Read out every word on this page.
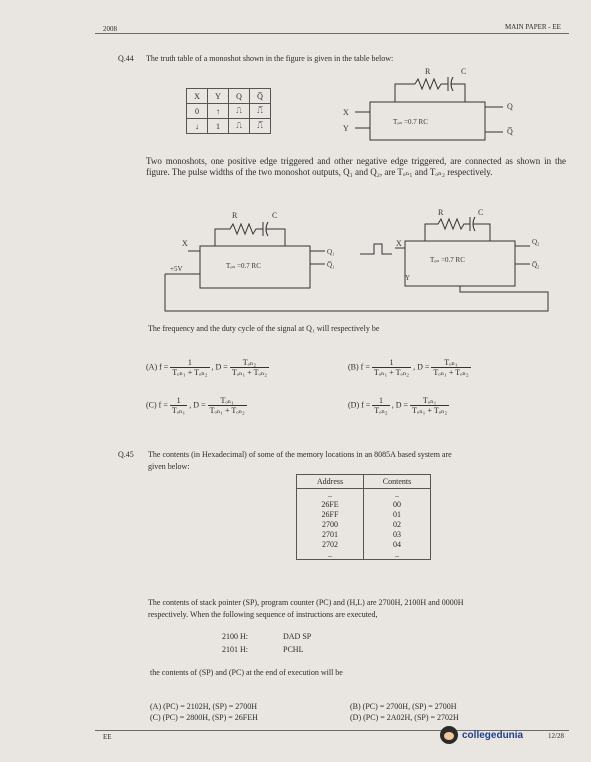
2008	MAIN PAPER - EE
Q.44 The truth table of a monoshot shown in the figure is given in the table below:
X	Y	Q	Q̅
0	↑	⎍	⎍̅
↓	1	⎍	⎍̅
R	C
X
Y
Q
Q̅
Tₒₙ =0.7 RC
Two monoshots, one positive edge triggered and other negative edge triggered, are connected as shown in the figure. The pulse widths of the two monoshot outputs, Q₁ and Q₂, are Tₒₙ₁ and Tₒₙ₂ respectively.
X
+5V
R	C
Tₒₙ =0.7 RC
Q₁
Q̅₁
X
R	C
Tₒₙ =0.7 RC
Q₂
Q̅₂
Y
The frequency and the duty cycle of the signal at Q₁ will respectively be
(A) $f = \frac{1}{\text{Tₒₙ₁ + Tₒₙ₂}}$ , $D = \frac{\text{Tₒₙ₂}}{\text{Tₒₙ₁ + Tₒₙ₂}}$	(B) $f = \frac{1}{\text{Tₒₙ₁ + Tₒₙ₂}}$ , $D = \frac{\text{Tₒₙ₁}}{\text{Tₒₙ₁ + Tₒₙ₂}}$
(C) $f = \frac{1}{\text{Tₒₙ₁}}$ , $D = \frac{\text{Tₒₙ₁}}{\text{Tₒₙ₁ + Tₒₙ₂}}$	(D) $f = \frac{1}{\text{Tₒₙ₂}}$ , $D = \frac{\text{Tₒₙ₁}}{\text{Tₒₙ₁ + Tₒₙ₂}}$
Q.45 The contents (in Hexadecimal) of some of the memory locations in an 8085A based system are
given below:
Address	Contents
..	..
26FE	00
26FF	01
2700	02
2701	03
2702	04
..	..
The contents of stack pointer (SP), program counter (PC) and (H,L) are 2700H, 2100H and 0000H
respectively. When the following sequence of instructions are executed,
2100 H:	DAD SP
2101 H:	PCHL
the contents of (SP) and (PC) at the end of execution will be
(A) (PC) = 2102H, (SP) = 2700H	(B) (PC) = 2700H, (SP) = 2700H
(C) (PC) = 2800H, (SP) = 26FEH	(D) (PC) = 2A02H, (SP) = 2702H
EE	12/28
collegedunia
